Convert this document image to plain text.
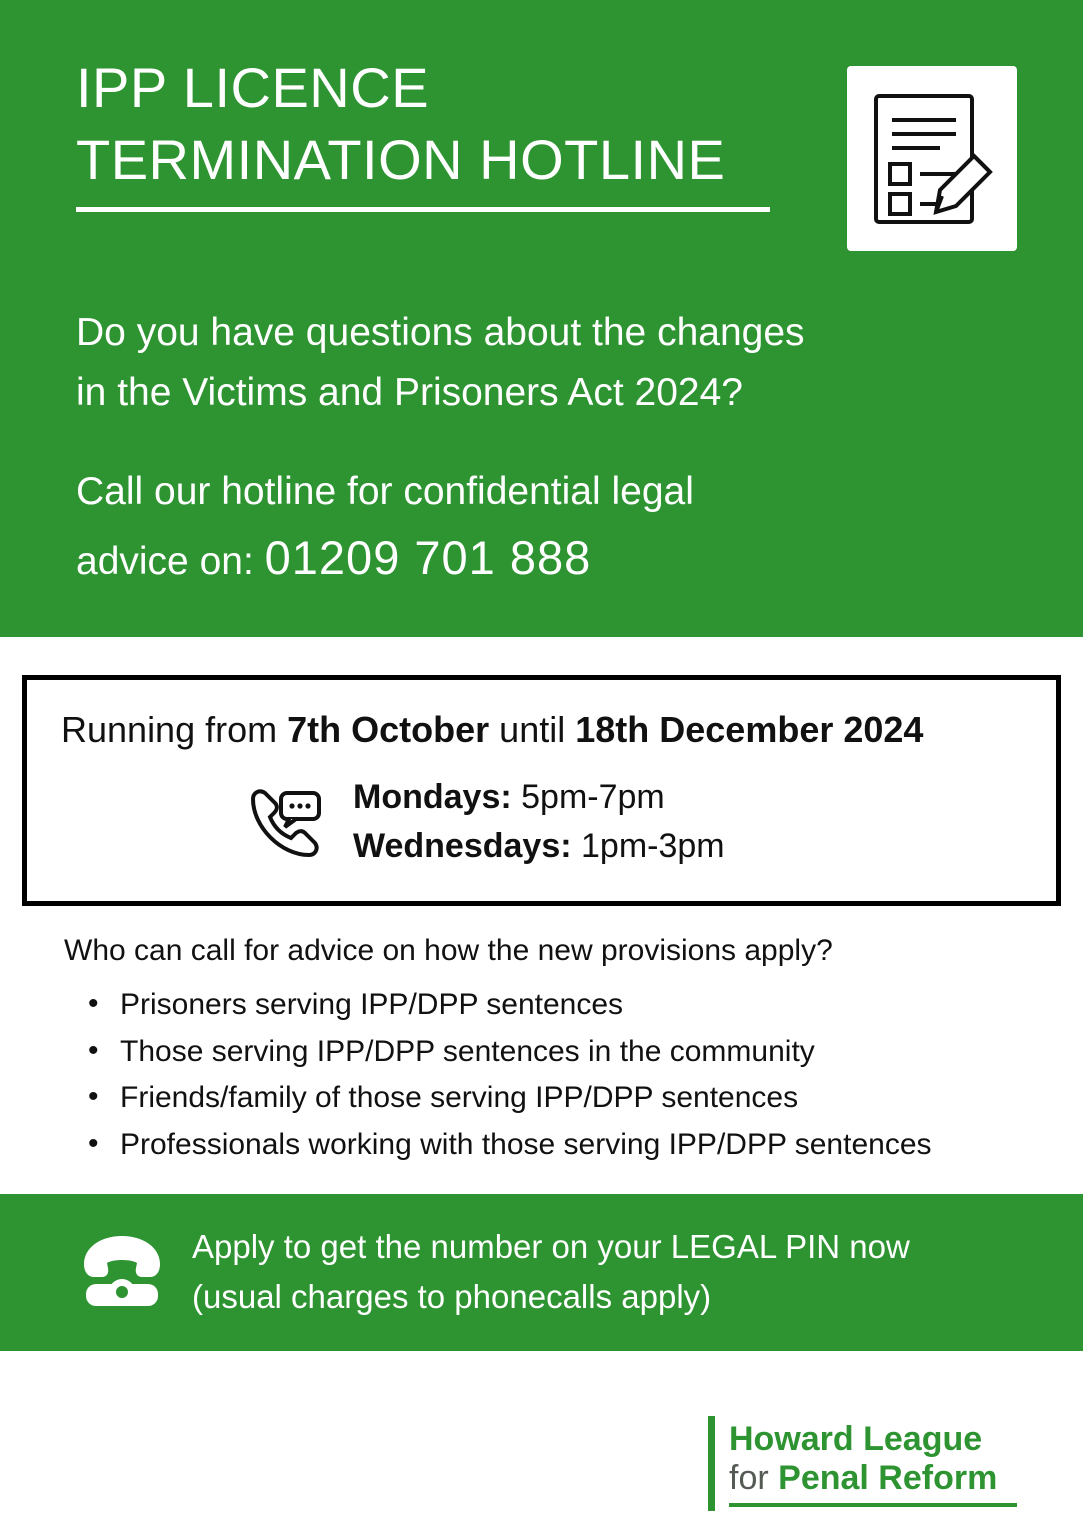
IPP LICENCE
TERMINATION HOTLINE
Do you have questions about the changes
in the Victims and Prisoners Act 2024?
Call our hotline for confidential legal
advice on: 01209 701 888
Running from 7th October until 18th December 2024
Mondays: 5pm-7pm
Wednesdays: 1pm-3pm
Who can call for advice on how the new provisions apply?
• Prisoners serving IPP/DPP sentences
• Those serving IPP/DPP sentences in the community
• Friends/family of those serving IPP/DPP sentences
• Professionals working with those serving IPP/DPP sentences
Apply to get the number on your LEGAL PIN now
(usual charges to phonecalls apply)
Howard League
for Penal Reform
